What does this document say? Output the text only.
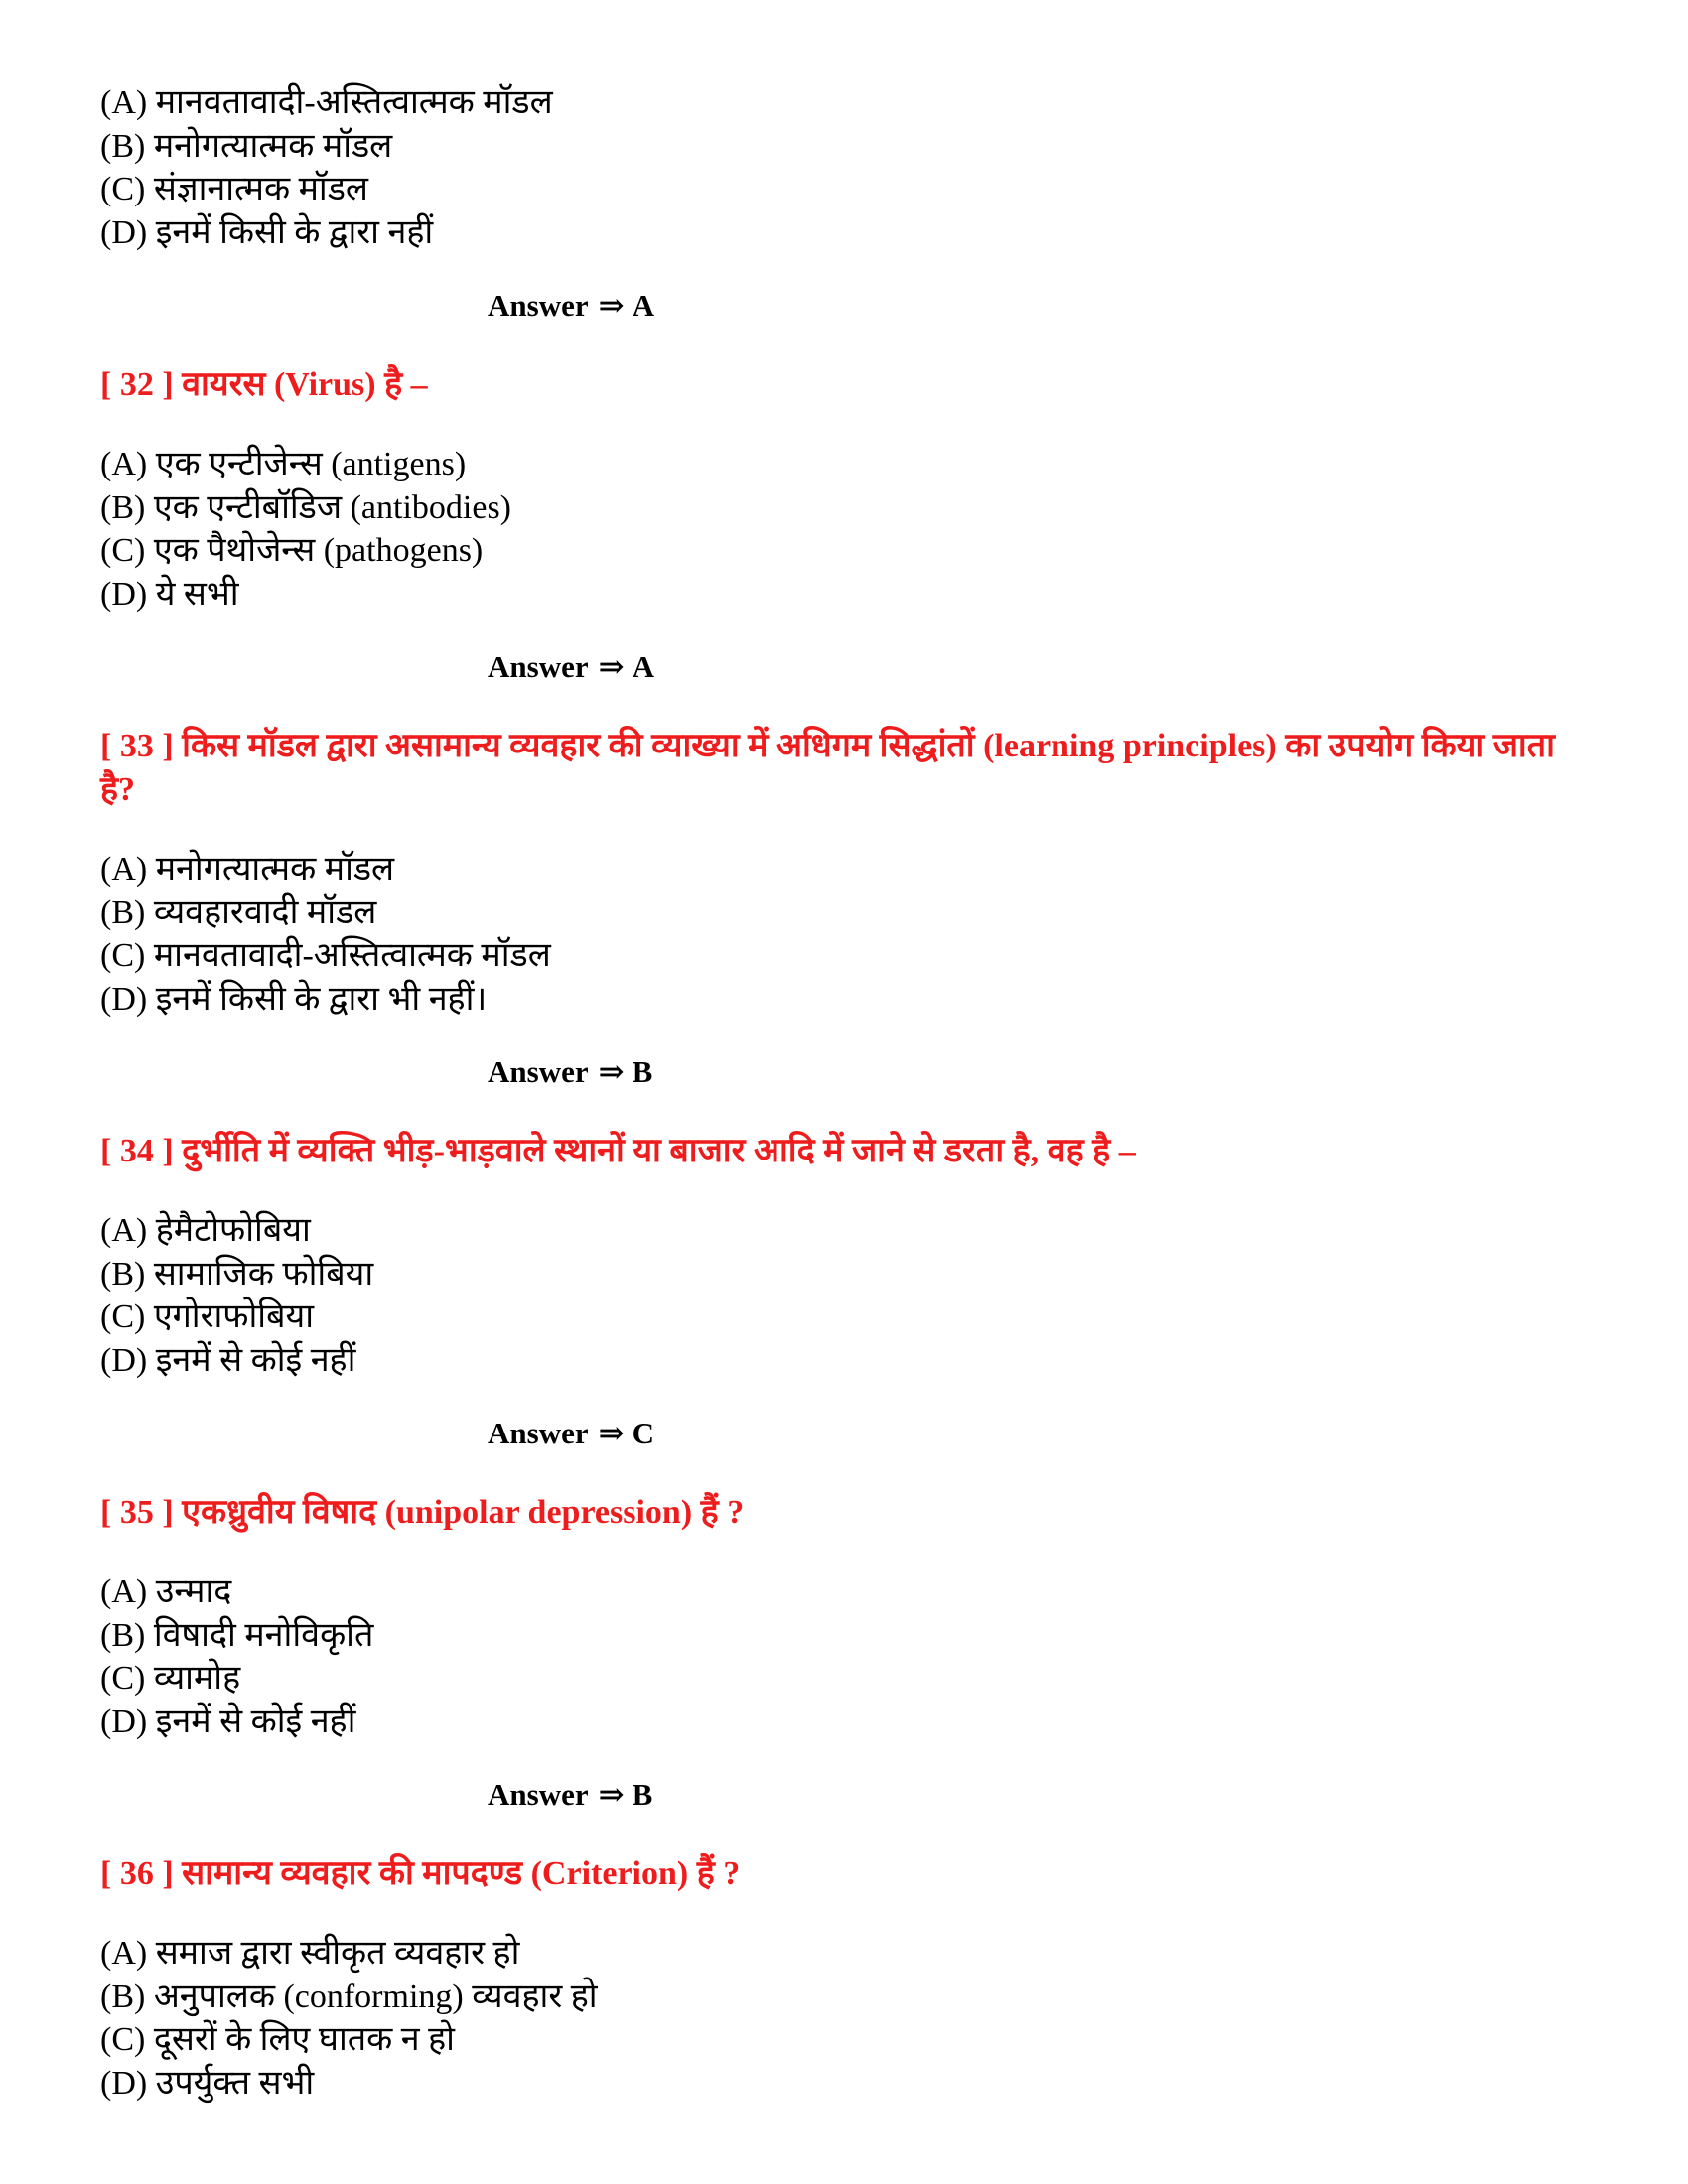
(A) मानवतावादी-अस्तित्वात्मक मॉडल
(B) मनोगत्यात्मक मॉडल
(C) संज्ञानात्मक मॉडल
(D) इनमें किसी के द्वारा नहीं
Answer ⇒ A
[ 32 ] वायरस (Virus) है –
(A) एक एन्टीजेन्स (antigens)
(B) एक एन्टीबॉडिज (antibodies)
(C) एक पैथोजेन्स (pathogens)
(D) ये सभी
Answer ⇒ A
[ 33 ] किस मॉडल द्वारा असामान्य व्यवहार की व्याख्या में अधिगम सिद्धांतों (learning principles) का उपयोग किया जाता है?
(A) मनोगत्यात्मक मॉडल
(B) व्यवहारवादी मॉडल
(C) मानवतावादी-अस्तित्वात्मक मॉडल
(D) इनमें किसी के द्वारा भी नहीं।
Answer ⇒ B
[ 34 ] दुर्भीति में व्यक्ति भीड़-भाड़वाले स्थानों या बाजार आदि में जाने से डरता है, वह है –
(A) हेमैटोफोबिया
(B) सामाजिक फोबिया
(C) एगोराफोबिया
(D) इनमें से कोई नहीं
Answer ⇒ C
[ 35 ] एकध्रुवीय विषाद (unipolar depression) हैं ?
(A) उन्माद
(B) विषादी मनोविकृति
(C) व्यामोह
(D) इनमें से कोई नहीं
Answer ⇒ B
[ 36 ] सामान्य व्यवहार की मापदण्ड (Criterion) हैं ?
(A) समाज द्वारा स्वीकृत व्यवहार हो
(B) अनुपालक (conforming) व्यवहार हो
(C) दूसरों के लिए घातक न हो
(D) उपर्युक्त सभी
